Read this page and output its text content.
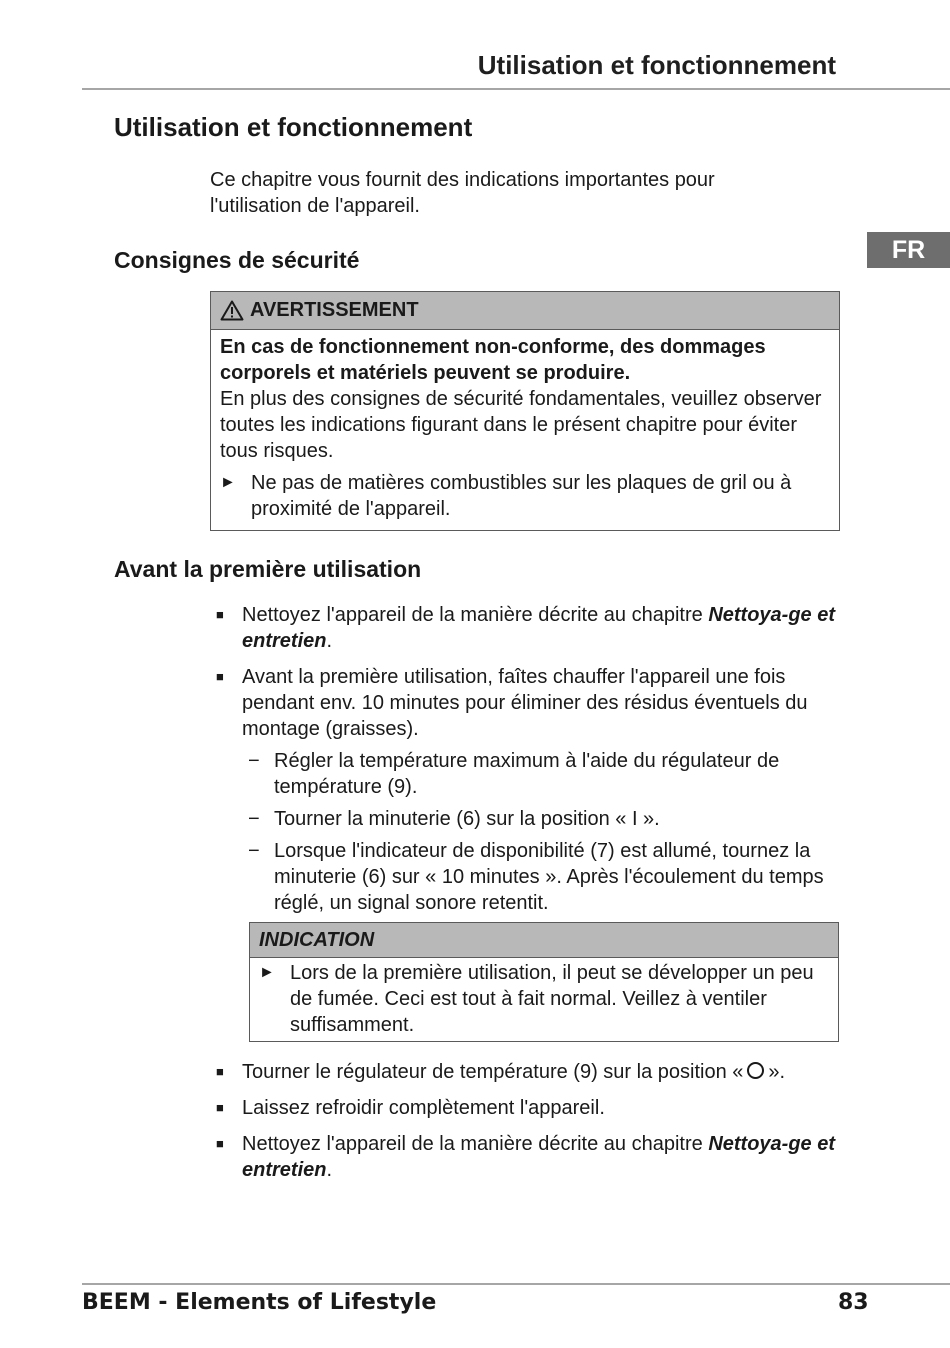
Utilisation et fonctionnement
FR
Utilisation et fonctionnement
Ce chapitre vous fournit des indications importantes pour l'utilisation de l'appareil.
Consignes de sécurité
AVERTISSEMENT

En cas de fonctionnement non-conforme, des dommages corporels et matériels peuvent se produire.

En plus des consignes de sécurité fondamentales, veuillez observer toutes les indications figurant dans le présent chapitre pour éviter tous risques.

► Ne pas de matières combustibles sur les plaques de gril ou à proximité de l'appareil.
Avant la première utilisation
■ Nettoyez l'appareil de la manière décrite au chapitre Nettoya-ge et entretien.
■ Avant la première utilisation, faîtes chauffer l'appareil une fois pendant env. 10 minutes pour éliminer des résidus éventuels du montage (graisses).
− Régler la température maximum à l'aide du régulateur de température (9).
− Tourner la minuterie (6) sur la position « I ».
− Lorsque l'indicateur de disponibilité (7) est allumé, tournez la minuterie (6) sur « 10 minutes ». Après l'écoulement du temps réglé, un signal sonore retentit.
INDICATION
► Lors de la première utilisation, il peut se développer un peu de fumée. Ceci est tout à fait normal. Veillez à ventiler suffisamment.
■ Tourner le régulateur de température (9) sur la position « ».
■ Laissez refroidir complètement l'appareil.
■ Nettoyez l'appareil de la manière décrite au chapitre Nettoya-ge et entretien.
BEEM - Elements of Lifestyle	83
